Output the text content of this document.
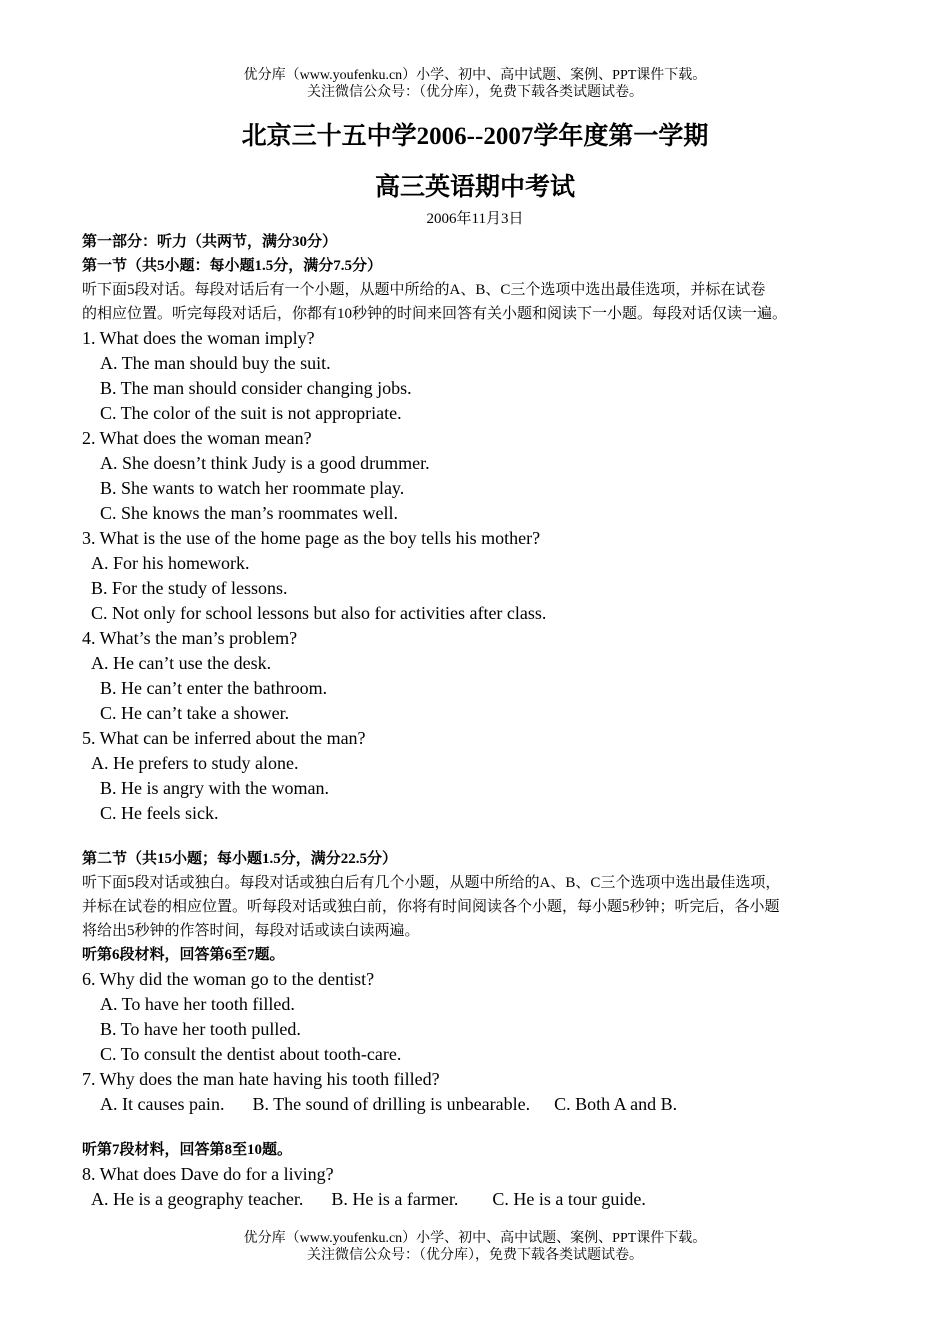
优分库（www.youfenku.cn）小学、初中、高中试题、案例、PPT课件下载。
关注微信公众号：（优分库），免费下载各类试题试卷。
北京三十五中学2006--2007学年度第一学期
高三英语期中考试
2006年11月3日
第一部分：听力（共两节，满分30分）
第一节（共5小题：每小题1.5分，满分7.5分）
听下面5段对话。每段对话后有一个小题，从题中所给的A、B、C三个选项中选出最佳选项，并标在试卷
的相应位置。听完每段对话后，你都有10秒钟的时间来回答有关小题和阅读下一小题。每段对话仅读一遍。
1. What does the woman imply?
A. The man should buy the suit.
B. The man should consider changing jobs.
C. The color of the suit is not appropriate.
2. What does the woman mean?
A. She doesn’t think Judy is a good drummer.
B. She wants to watch her roommate play.
C. She knows the man’s roommates well.
3. What is the use of the home page as the boy tells his mother?
A. For his homework.
B. For the study of lessons.
C. Not only for school lessons but also for activities after class.
4. What’s the man’s problem?
A. He can’t use the desk.
B. He can’t enter the bathroom.
C. He can’t take a shower.
5. What can be inferred about the man?
A. He prefers to study alone.
B. He is angry with the woman.
C. He feels sick.
第二节（共15小题；每小题1.5分，满分22.5分）
听下面5段对话或独白。每段对话或独白后有几个小题，从题中所给的A、B、C三个选项中选出最佳选项，
并标在试卷的相应位置。听每段对话或独白前，你将有时间阅读各个小题，每小题5秒钟；听完后，各小题
将给出5秒钟的作答时间，每段对话或读白读两遍。
听第6段材料，回答第6至7题。
6. Why did the woman go to the dentist?
A. To have her tooth filled.
B. To have her tooth pulled.
C. To consult the dentist about tooth-care.
7. Why does the man hate having his tooth filled?
A. It causes pain. B. The sound of drilling is unbearable. C. Both A and B.
听第7段材料，回答第8至10题。
8. What does Dave do for a living?
A. He is a geography teacher. B. He is a farmer. C. He is a tour guide.
优分库（www.youfenku.cn）小学、初中、高中试题、案例、PPT课件下载。
关注微信公众号：（优分库），免费下载各类试题试卷。
